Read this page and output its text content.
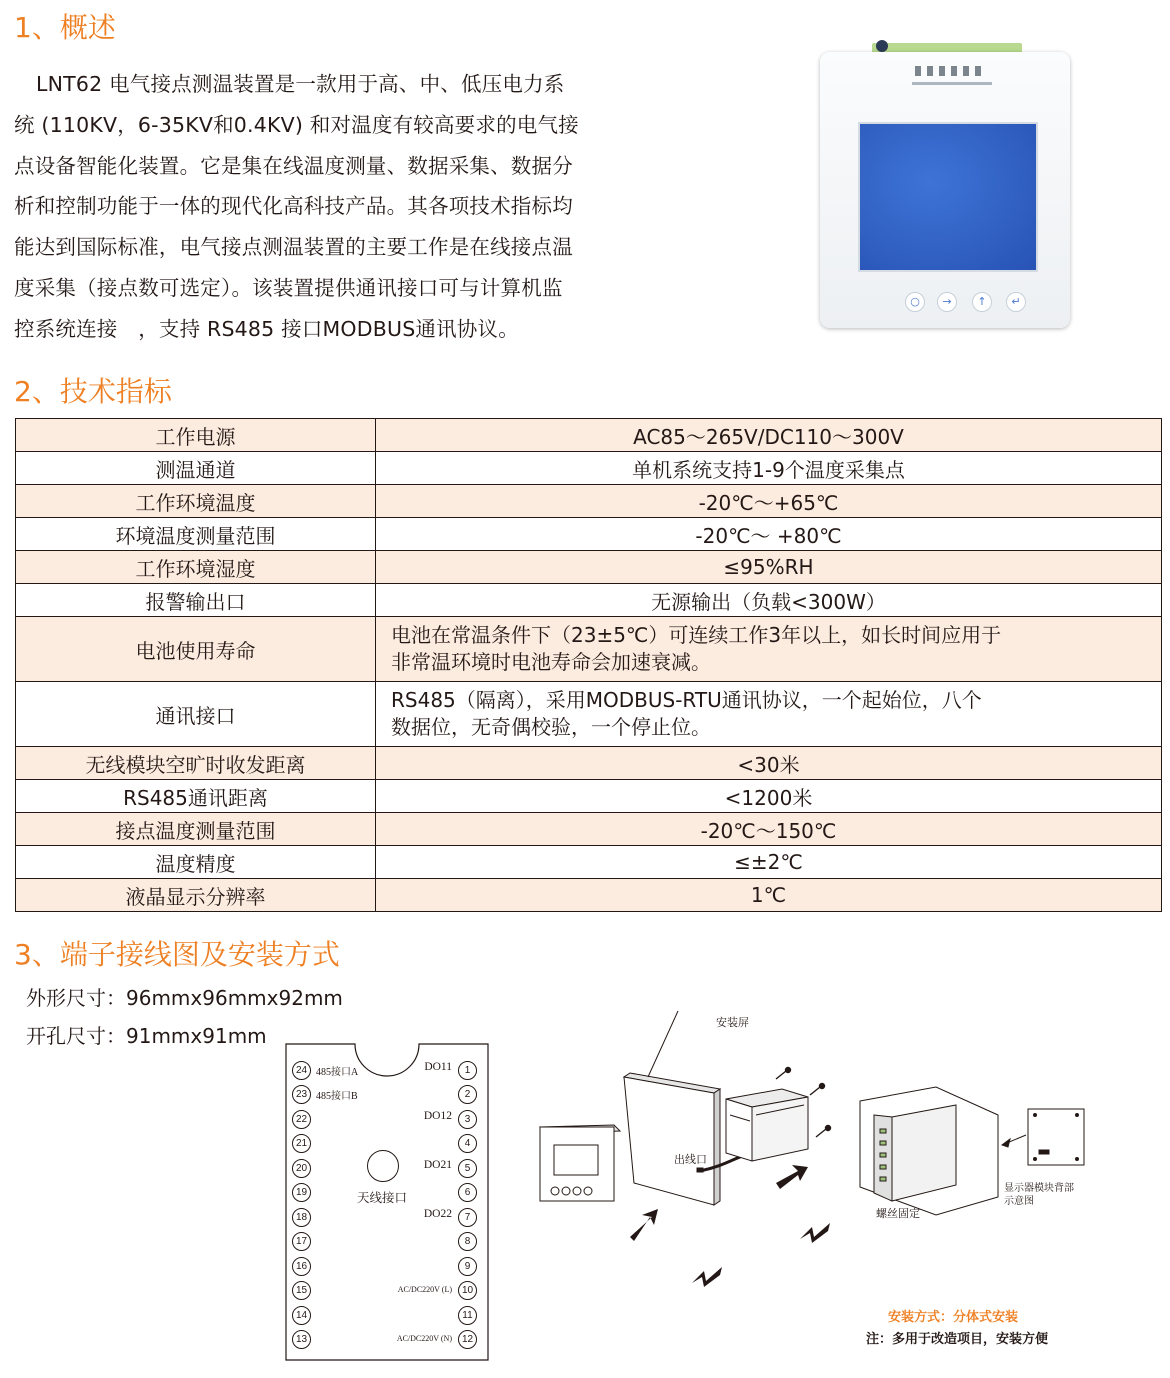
1、概述

LNT62 电气接点测温装置是一款用于高、中、低压电力系
统 (110KV，6-35KV和0.4KV) 和对温度有较高要求的电气接
点设备智能化装置。它是集在线温度测量、数据采集、数据分
析和控制功能于一体的现代化高科技产品。其各项技术指标均
能达到国际标准，电气接点测温装置的主要工作是在线接点温
度采集（接点数可选定）。该装置提供通讯接口可与计算机监
控系统连接　，支持 RS485 接口MODBUS通讯协议。

○	→	↑	↵
2、技术指标
工作电源	AC85～265V/DC110～300V
测温通道	单机系统支持1-9个温度采集点
工作环境温度	-20℃～+65℃
环境温度测量范围	-20℃～ +80℃
工作环境湿度	≤95%RH
报警输出口	无源输出（负载<300W）
电池使用寿命	电池在常温条件下（23±5℃）可连续工作3年以上，如长时间应用于
非常温环境时电池寿命会加速衰减。

通讯接口	RS485（隔离），采用MODBUS-RTU通讯协议，一个起始位，八个
数据位，无奇偶校验，一个停止位。

无线模块空旷时收发距离	<30米
RS485通讯距离	<1200米
接点温度测量范围	-20℃～150℃
温度精度	≤±2℃
液晶显示分辨率	1℃
3、端子接线图及安装方式

外形尺寸：96mmx96mmx92mm

开孔尺寸：91mmx91mm

24
23
22
21
20
19
18
17
16
15
14
13
1
2
3
4
5
6
7
8
9
10
11
12
485接口A
485接口B
DO11
DO12
DO21
DO22
AC/DC220V (L)
AC/DC220V (N)
天线接口
安装屏
出线口
螺丝固定
显示器模块背部
示意图
安装方式：分体式安装
注：多用于改造项目，安装方便
